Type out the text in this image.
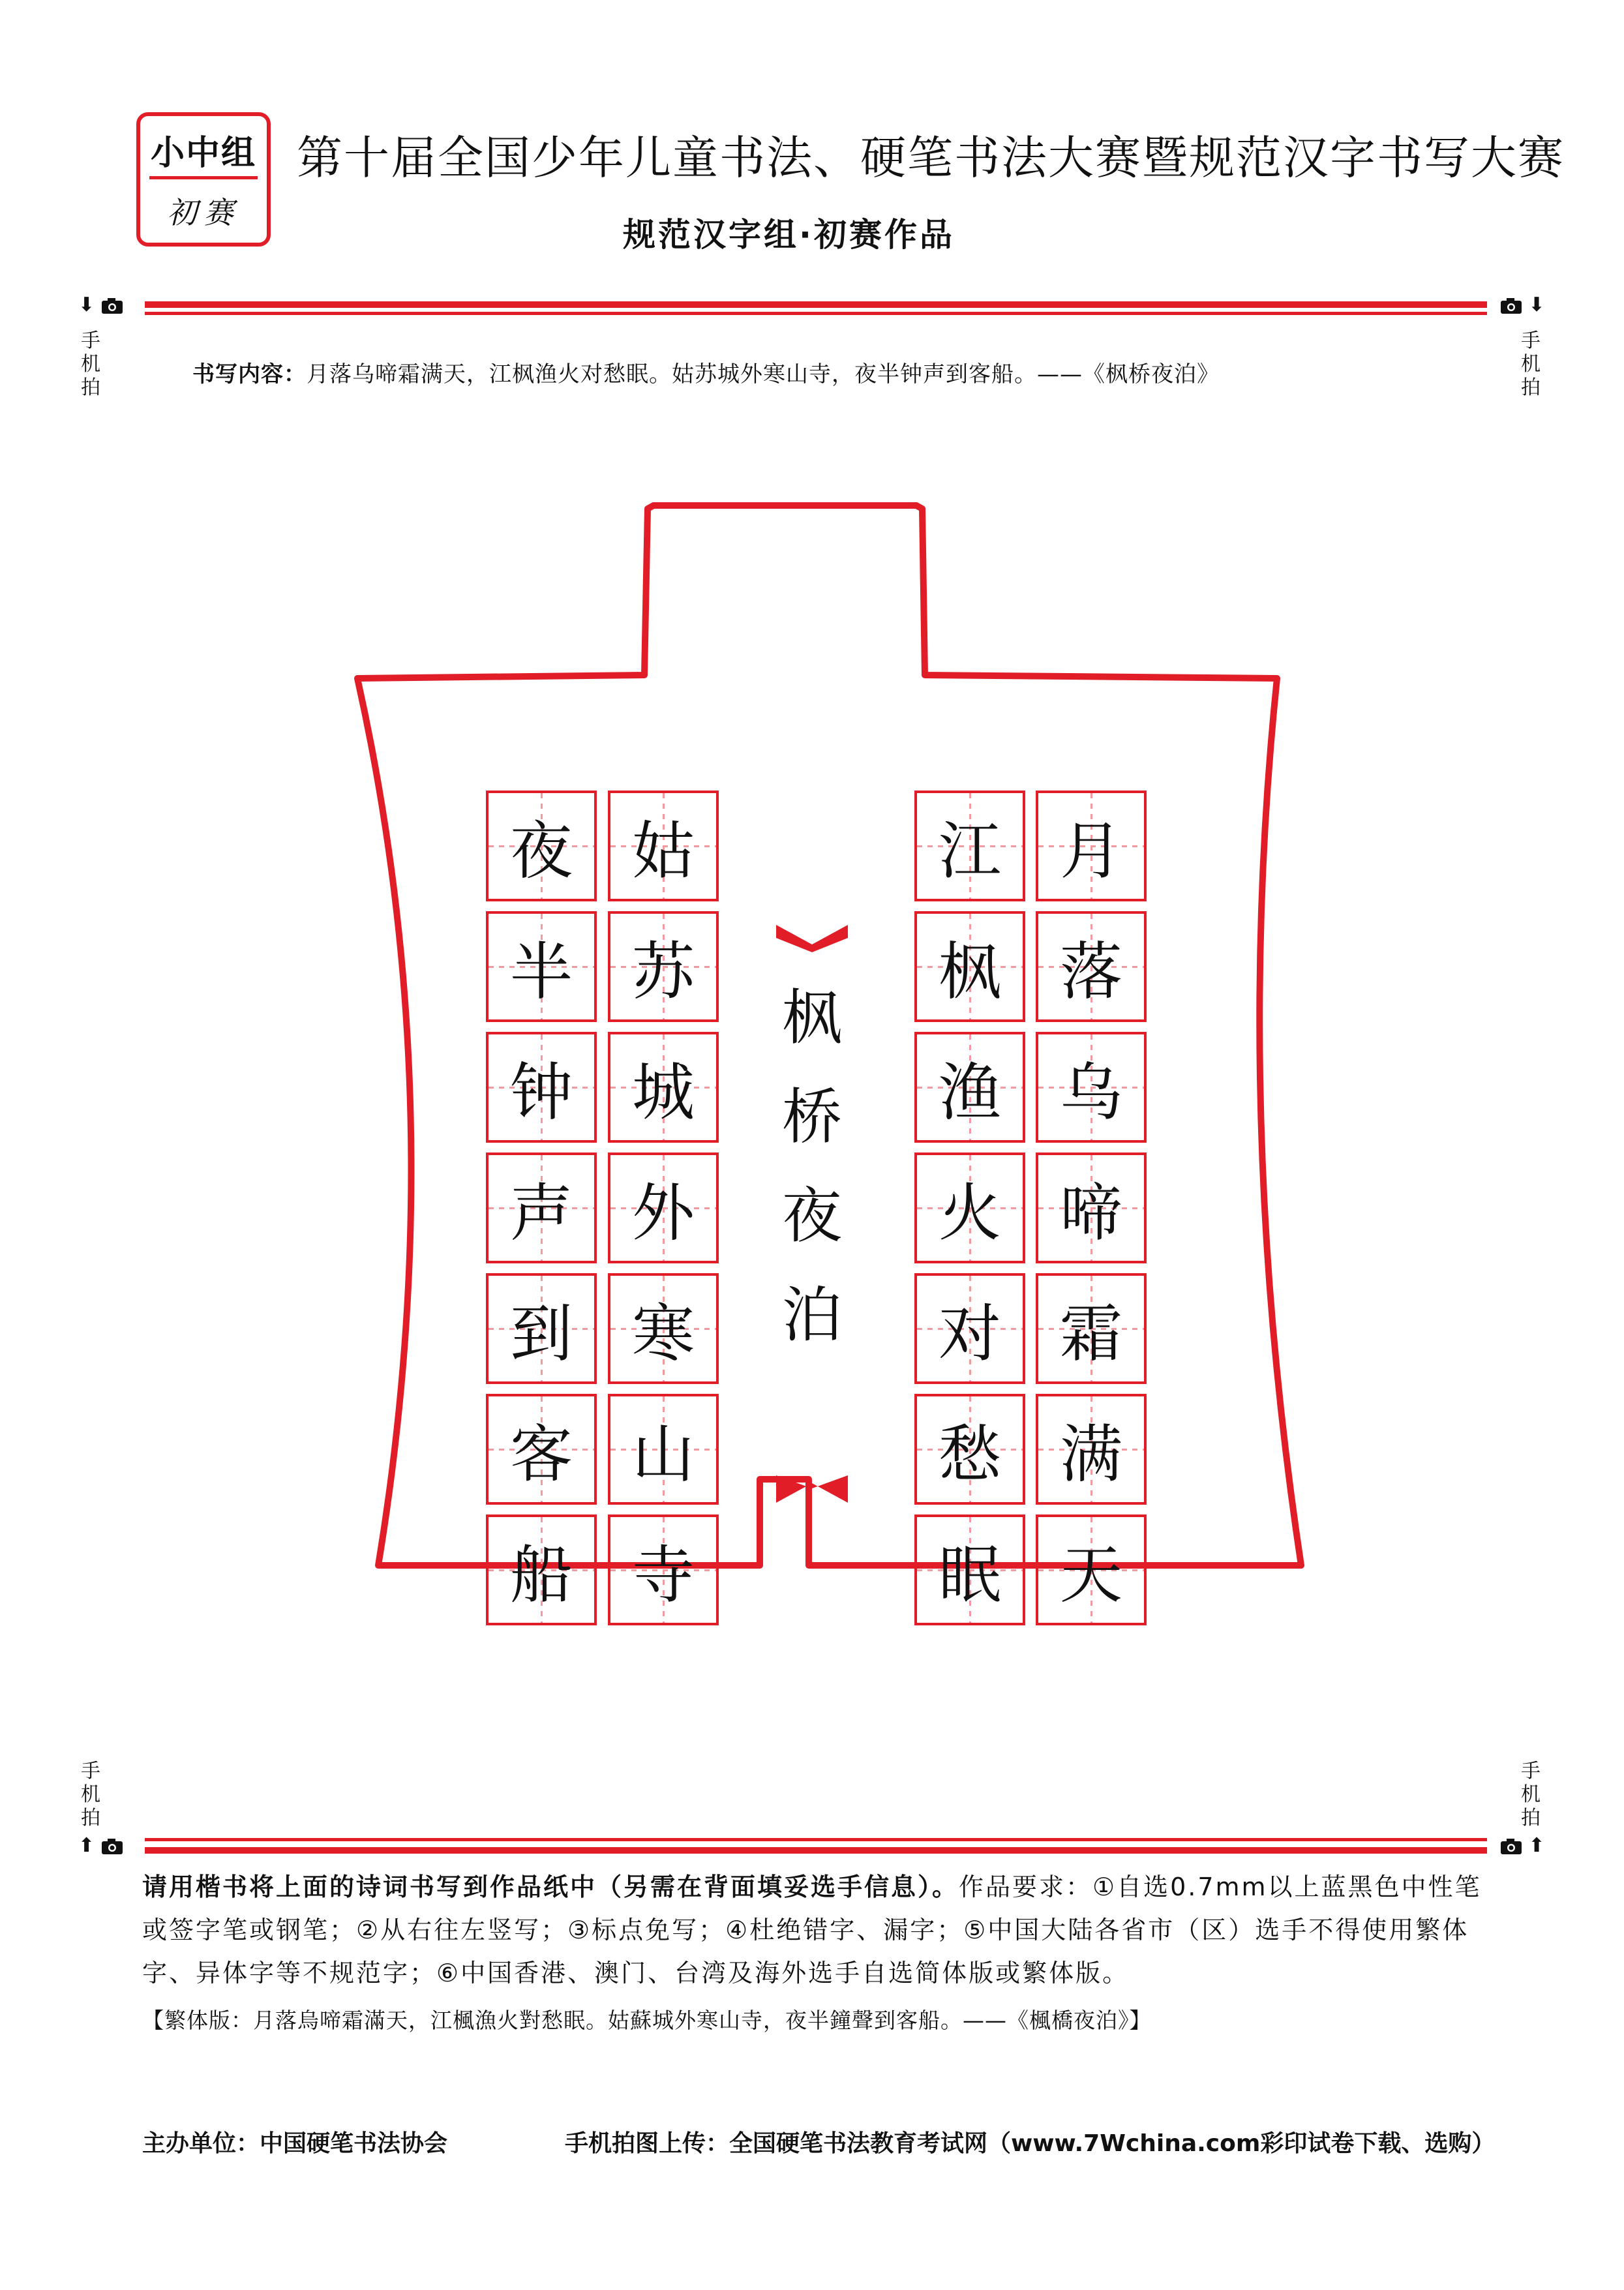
小中组
初赛
第十届全国少年儿童书法、硬笔书法大赛暨规范汉字书写大赛
规范汉字组·初赛作品
⬇
手机拍
⬇
手机拍
书写内容：月落乌啼霜满天，江枫渔火对愁眠。姑苏城外寒山寺，夜半钟声到客船。——《枫桥夜泊》
月
落
乌
啼
霜
满
天
江
枫
渔
火
对
愁
眠
姑
苏
城
外
寒
山
寺
夜
半
钟
声
到
客
船
枫
桥
夜
泊
手机拍
⬆
手机拍
⬆
请用楷书将上面的诗词书写到作品纸中（另需在背面填妥选手信息）。作品要求：①自选0.7mm以上蓝黑色中性笔或签字笔或钢笔；②从右往左竖写；③标点免写；④杜绝错字、漏字；⑤中国大陆各省市（区）选手不得使用繁体字、异体字等不规范字；⑥中国香港、澳门、台湾及海外选手自选简体版或繁体版。
【繁体版：月落烏啼霜滿天，江楓漁火對愁眠。姑蘇城外寒山寺，夜半鐘聲到客船。——《楓橋夜泊》】
主办单位：中国硬笔书法协会	手机拍图上传：全国硬笔书法教育考试网（www.7Wchina.com彩印试卷下载、选购）
